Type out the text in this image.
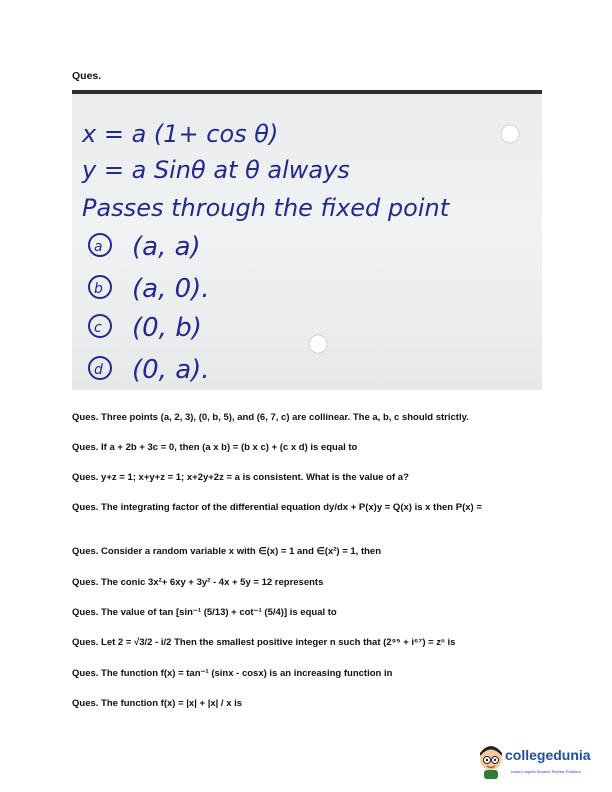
Ques.
x = a (1+ cos θ)
y = a Sinθ at θ always
Passes through the fixed point
a (a, a)
b (a, 0).
c (0, b)
d (0, a).
Ques. Three points (a, 2, 3), (0, b, 5), and (6, 7, c) are collinear. The a, b, c should strictly.
Ques. If a + 2b + 3c = 0, then (a x b) = (b x c) + (c x d) is equal to
Ques. y+z = 1; x+y+z = 1; x+2y+2z = a is consistent. What is the value of a?
Ques. The integrating factor of the differential equation dy/dx + P(x)y = Q(x) is x then P(x) =
Ques. Consider a random variable x with ∈(x) = 1 and ∈(x²) = 1, then
Ques. The conic 3x²+ 6xy + 3y² - 4x + 5y = 12 represents
Ques. The value of tan [sin⁻¹ (5/13) + cot⁻¹ (5/4)] is equal to
Ques. Let 2 = √3/2 - i/2 Then the smallest positive integer n such that (2⁹⁵ + i⁶⁷) = zⁿ is
Ques. The function f(x) = tan⁻¹ (sinx - cosx) is an increasing function in
Ques. The function f(x) = |x| + |x| / x is
collegedunia
India's largest Student Review Platform
